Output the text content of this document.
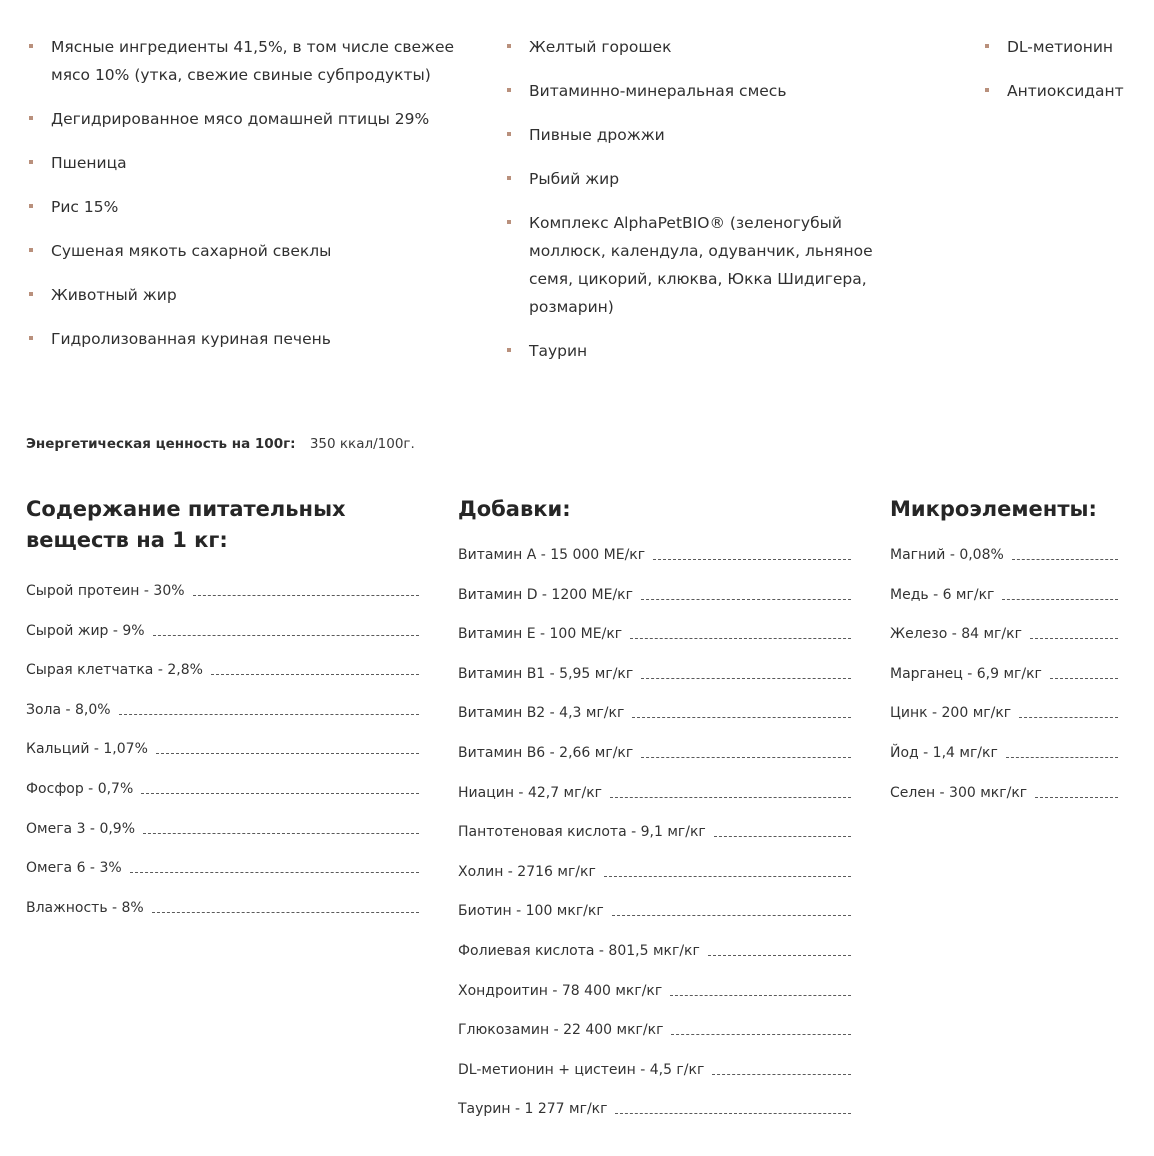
Мясные ингредиенты 41,5%, в том числе свежее мясо 10% (утка, свежие свиные субпродукты)
Дегидрированное мясо домашней птицы 29%
Пшеница
Рис 15%
Сушеная мякоть сахарной свеклы
Животный жир
Гидролизованная куриная печень
Желтый горошек
Витаминно-минеральная смесь
Пивные дрожжи
Рыбий жир
Комплекс AlphaPetBIO® (зеленогубый моллюск, календула, одуванчик, льняное семя, цикорий, клюква, Юкка Шидигера, розмарин)
Таурин
DL-метионин
Антиоксидант
Энергетическая ценность на 100г: 350 ккал/100г.
Содержание питательных веществ на 1 кг:
Сырой протеин - 30%
Сырой жир - 9%
Сырая клетчатка - 2,8%
Зола - 8,0%
Кальций - 1,07%
Фосфор - 0,7%
Омега 3 - 0,9%
Омега 6 - 3%
Влажность - 8%
Добавки:
Витамин А - 15 000 МЕ/кг
Витамин D - 1200 МЕ/кг
Витамин Е - 100 МЕ/кг
Витамин В1 - 5,95 мг/кг
Витамин В2 - 4,3 мг/кг
Витамин В6 - 2,66 мг/кг
Ниацин - 42,7 мг/кг
Пантотеновая кислота - 9,1 мг/кг
Холин - 2716 мг/кг
Биотин - 100 мкг/кг
Фолиевая кислота - 801,5 мкг/кг
Хондроитин - 78 400 мкг/кг
Глюкозамин - 22 400 мкг/кг
DL-метионин + цистеин - 4,5 г/кг
Таурин - 1 277 мг/кг
Микроэлементы:
Магний - 0,08%
Медь - 6 мг/кг
Железо - 84 мг/кг
Марганец - 6,9 мг/кг
Цинк - 200 мг/кг
Йод - 1,4 мг/кг
Селен - 300 мкг/кг
